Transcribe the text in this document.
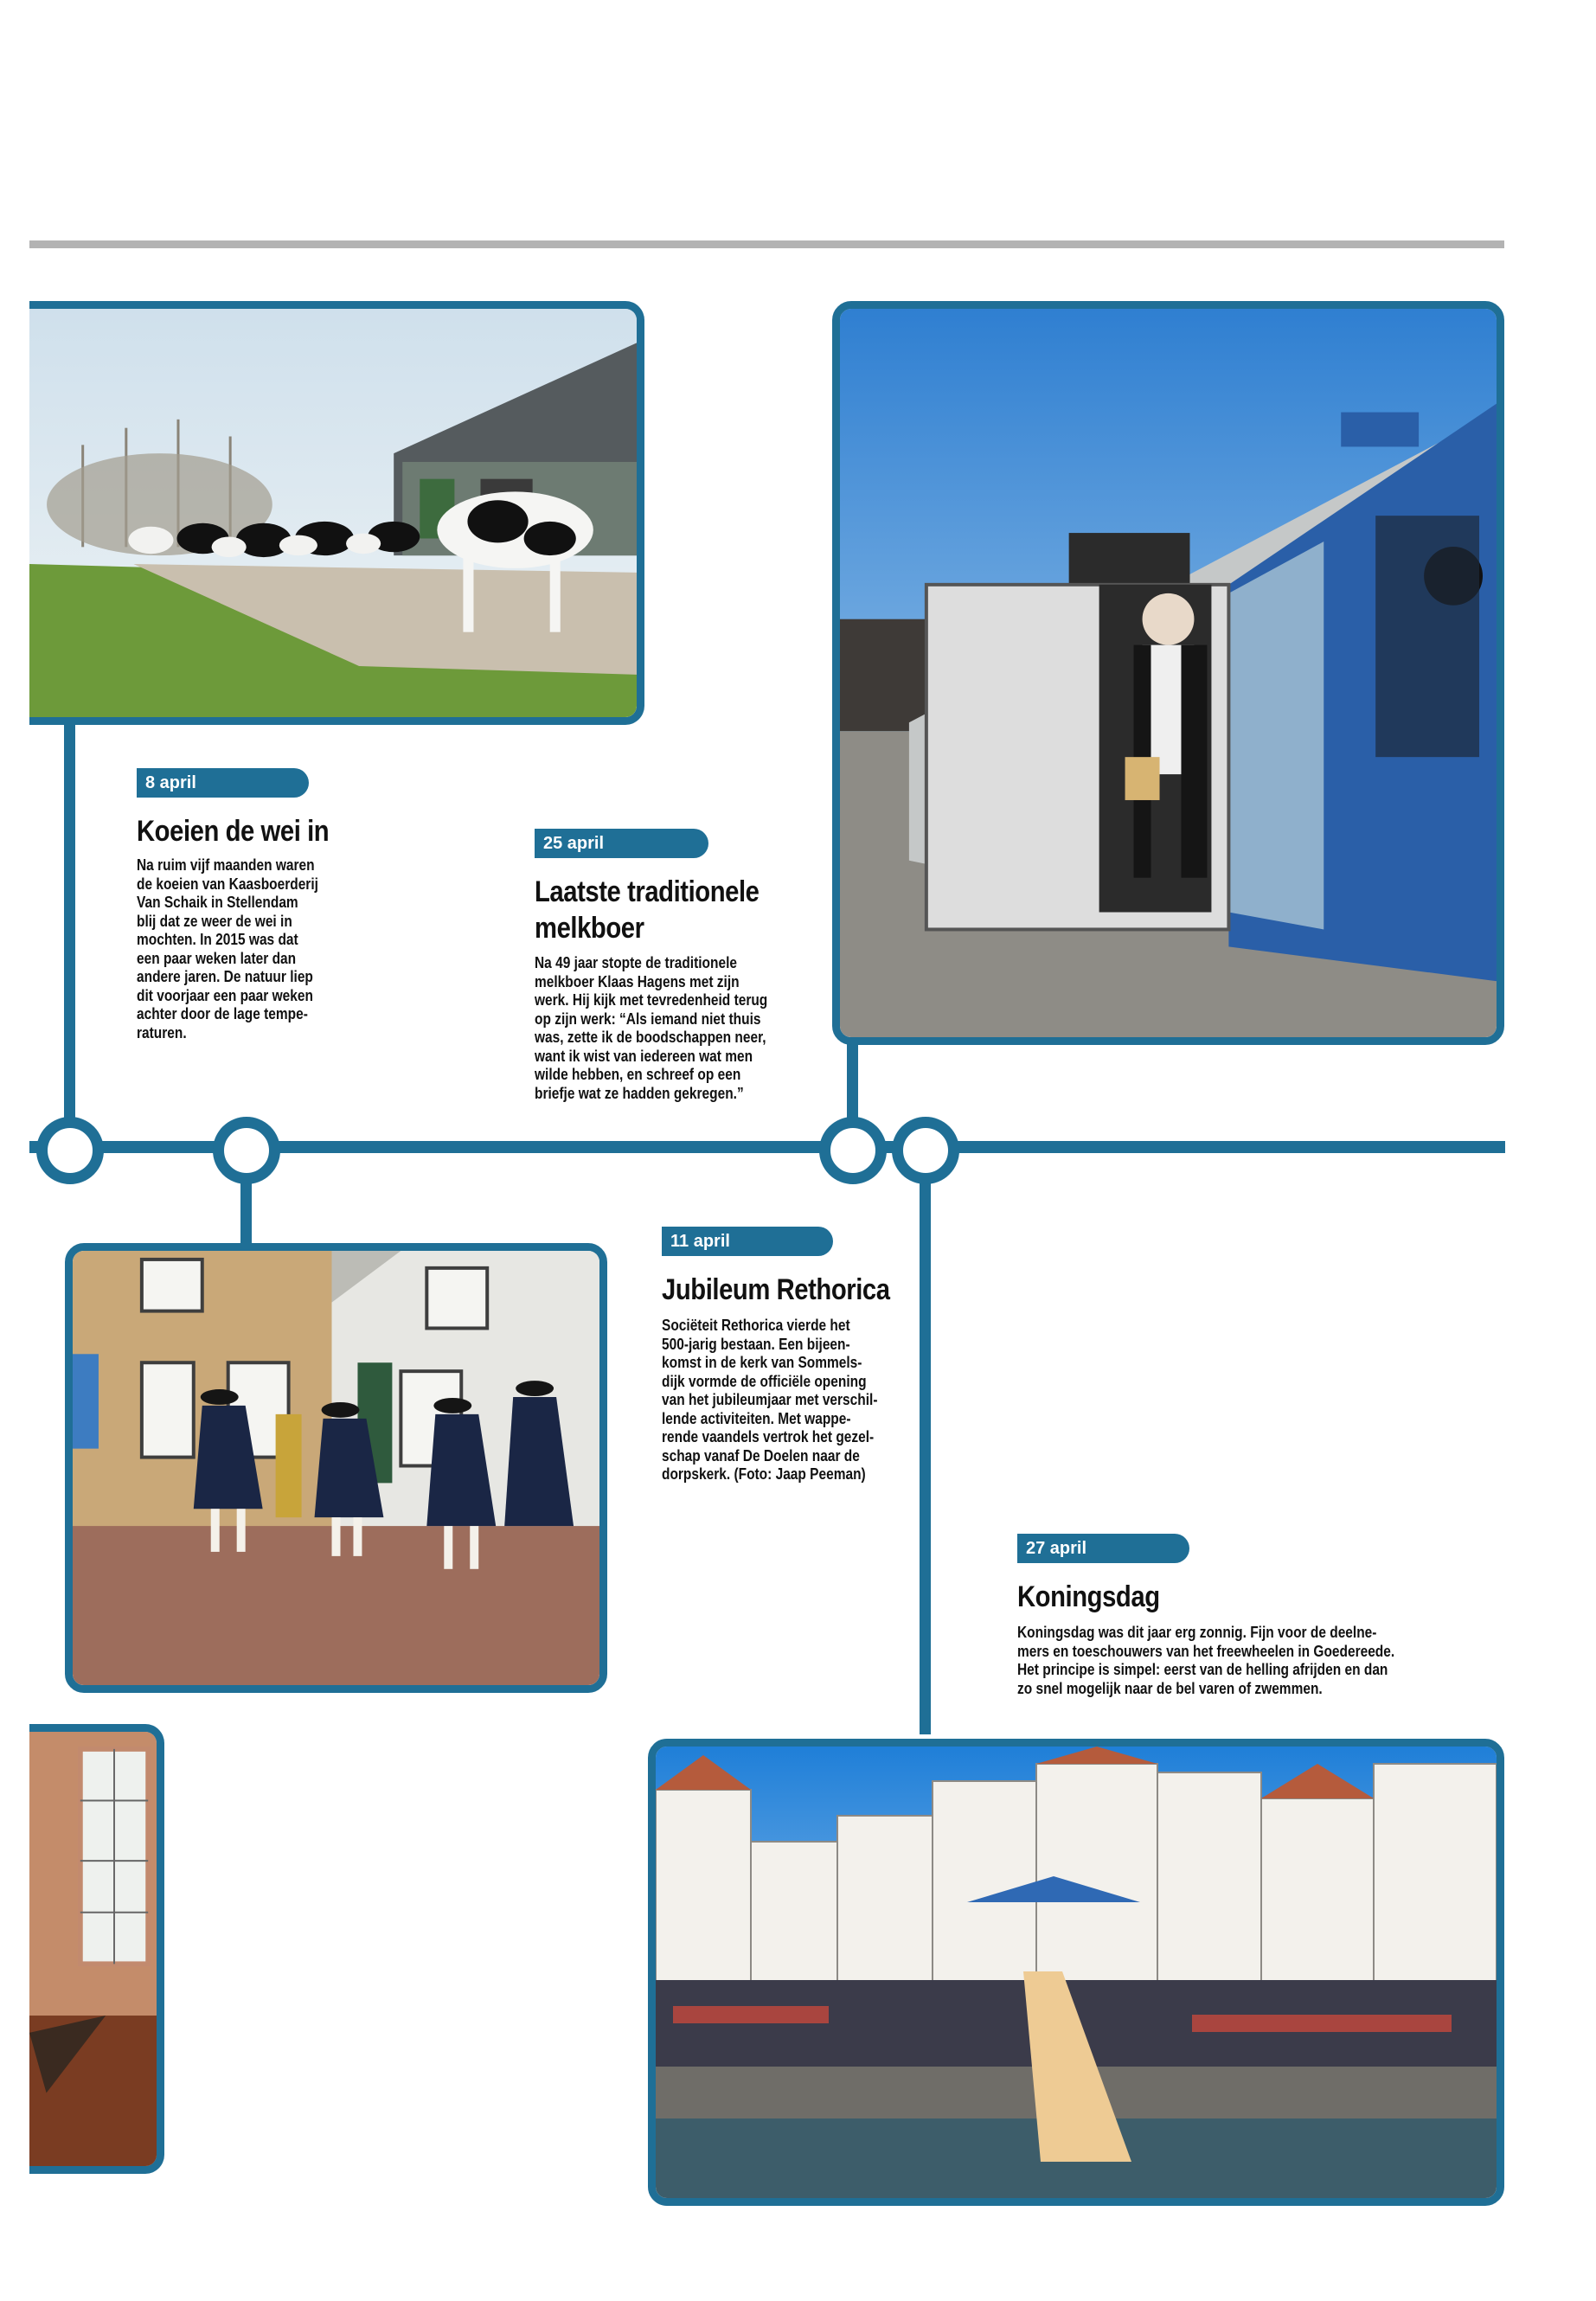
8 april
Koeien de wei in

Na ruim vijf maanden waren
de koeien van Kaasboerderij
Van Schaik in Stellendam
blij dat ze weer de wei in
mochten. In 2015 was dat
een paar weken later dan
andere jaren. De natuur liep
dit voorjaar een paar weken
achter door de lage tempe-
raturen.

25 april
Laatste traditionele
melkboer

Na 49 jaar stopte de traditionele
melkboer Klaas Hagens met zijn
werk. Hij kijk met tevredenheid terug
op zijn werk: “Als iemand niet thuis
was, zette ik de boodschappen neer,
want ik wist van iedereen wat men
wilde hebben, en schreef op een
briefje wat ze hadden gekregen.”

11 april
Jubileum Rethorica

Sociëteit Rethorica vierde het
500-jarig bestaan. Een bijeen-
komst in de kerk van Sommels-
dijk vormde de officiële opening
van het jubileumjaar met verschil-
lende activiteiten. Met wappe-
rende vaandels vertrok het gezel-
schap vanaf De Doelen naar de
dorpskerk. (Foto: Jaap Peeman)

27 april
Koningsdag

Koningsdag was dit jaar erg zonnig. Fijn voor de deelne-
mers en toeschouwers van het freewheelen in Goedereede.
Het principe is simpel: eerst van de helling afrijden en dan
zo snel mogelijk naar de bel varen of zwemmen.
